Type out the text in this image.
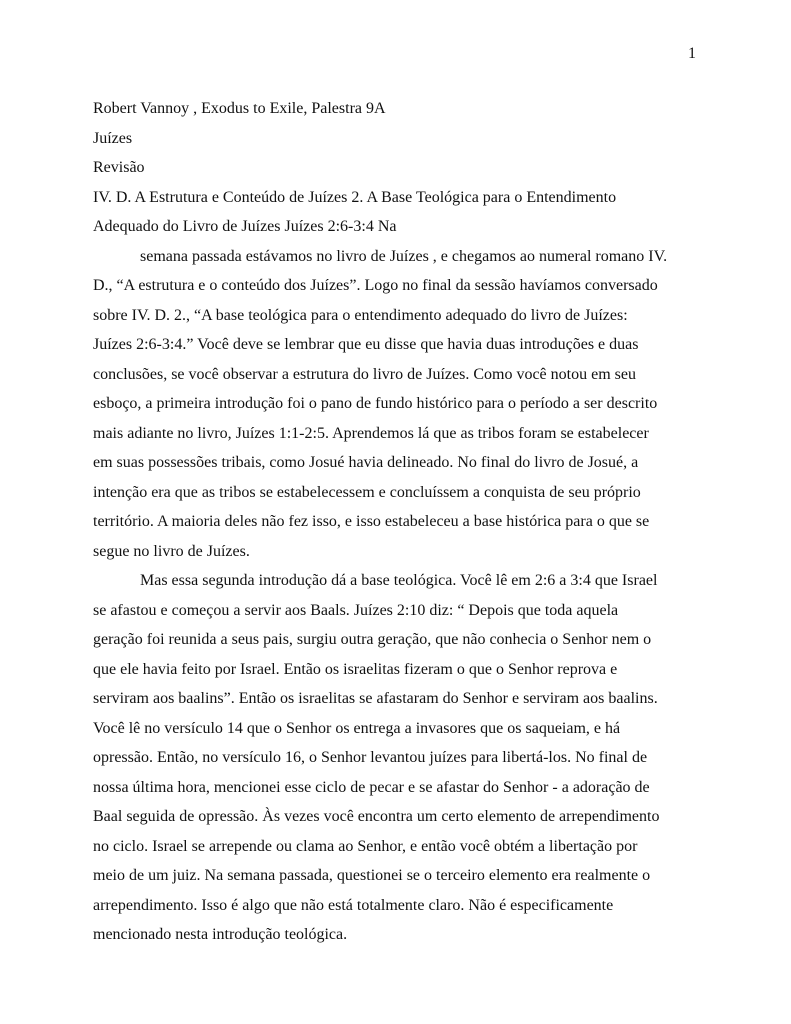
1

Robert Vannoy , Exodus to Exile, Palestra 9A

Juízes

Revisão

IV. D. A Estrutura e Conteúdo de Juízes 2. A Base Teológica para o Entendimento

Adequado do Livro de Juízes Juízes 2:6-3:4 Na

semana passada estávamos no livro de Juízes , e chegamos ao numeral romano IV.

D., “A estrutura e o conteúdo dos Juízes”. Logo no final da sessão havíamos conversado

sobre IV. D. 2., “A base teológica para o entendimento adequado do livro de Juízes:

Juízes 2:6-3:4.” Você deve se lembrar que eu disse que havia duas introduções e duas

conclusões, se você observar a estrutura do livro de Juízes. Como você notou em seu

esboço, a primeira introdução foi o pano de fundo histórico para o período a ser descrito

mais adiante no livro, Juízes 1:1-2:5. Aprendemos lá que as tribos foram se estabelecer

em suas possessões tribais, como Josué havia delineado. No final do livro de Josué, a

intenção era que as tribos se estabelecessem e concluíssem a conquista de seu próprio

território. A maioria deles não fez isso, e isso estabeleceu a base histórica para o que se

segue no livro de Juízes.

Mas essa segunda introdução dá a base teológica. Você lê em 2:6 a 3:4 que Israel

se afastou e começou a servir aos Baals. Juízes 2:10 diz: “ Depois que toda aquela

geração foi reunida a seus pais, surgiu outra geração, que não conhecia o Senhor nem o

que ele havia feito por Israel. Então os israelitas fizeram o que o Senhor reprova e

serviram aos baalins”. Então os israelitas se afastaram do Senhor e serviram aos baalins.

Você lê no versículo 14 que o Senhor os entrega a invasores que os saqueiam, e há

opressão. Então, no versículo 16, o Senhor levantou juízes para libertá-los. No final de

nossa última hora, mencionei esse ciclo de pecar e se afastar do Senhor - a adoração de

Baal seguida de opressão. Às vezes você encontra um certo elemento de arrependimento

no ciclo. Israel se arrepende ou clama ao Senhor, e então você obtém a libertação por

meio de um juiz. Na semana passada, questionei se o terceiro elemento era realmente o

arrependimento. Isso é algo que não está totalmente claro. Não é especificamente

mencionado nesta introdução teológica.
